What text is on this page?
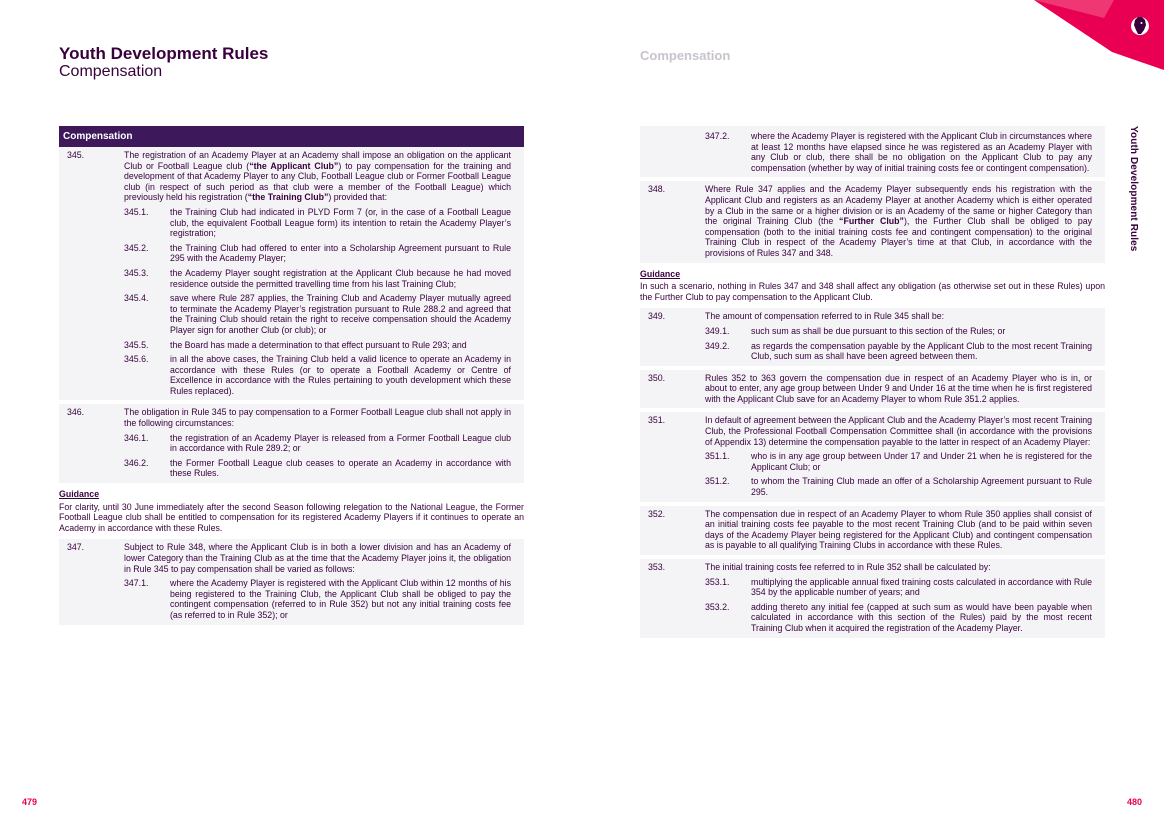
Youth Development Rules
Compensation
Compensation
Youth Development Rules
Compensation
345.	The registration of an Academy Player at an Academy shall impose an obligation on the applicant Club or Football League club (“the Applicant Club”) to pay compensation for the training and development of that Academy Player to any Club, Football League club or Former Football League club (in respect of such period as that club were a member of the Football League) which previously held his registration (“the Training Club”) provided that:
345.1.	the Training Club had indicated in PLYD Form 7 (or, in the case of a Football League club, the equivalent Football League form) its intention to retain the Academy Player’s registration;
345.2.	the Training Club had offered to enter into a Scholarship Agreement pursuant to Rule 295 with the Academy Player;
345.3.	the Academy Player sought registration at the Applicant Club because he had moved residence outside the permitted travelling time from his last Training Club;
345.4.	save where Rule 287 applies, the Training Club and Academy Player mutually agreed to terminate the Academy Player’s registration pursuant to Rule 288.2 and agreed that the Training Club should retain the right to receive compensation should the Academy Player sign for another Club (or club); or
345.5.	the Board has made a determination to that effect pursuant to Rule 293; and
345.6.	in all the above cases, the Training Club held a valid licence to operate an Academy in accordance with these Rules (or to operate a Football Academy or Centre of Excellence in accordance with the Rules pertaining to youth development which these Rules replaced).
346.	The obligation in Rule 345 to pay compensation to a Former Football League club shall not apply in the following circumstances:
346.1.	the registration of an Academy Player is released from a Former Football League club in accordance with Rule 289.2; or
346.2.	the Former Football League club ceases to operate an Academy in accordance with these Rules.
Guidance
For clarity, until 30 June immediately after the second Season following relegation to the National League, the Former Football League club shall be entitled to compensation for its registered Academy Players if it continues to operate an Academy in accordance with these Rules.
347.	Subject to Rule 348, where the Applicant Club is in both a lower division and has an Academy of lower Category than the Training Club as at the time that the Academy Player joins it, the obligation in Rule 345 to pay compensation shall be varied as follows:
347.1.	where the Academy Player is registered with the Applicant Club within 12 months of his being registered to the Training Club, the Applicant Club shall be obliged to pay the contingent compensation (referred to in Rule 352) but not any initial training costs fee (as referred to in Rule 352); or
347.2.	where the Academy Player is registered with the Applicant Club in circumstances where at least 12 months have elapsed since he was registered as an Academy Player with any Club or club, there shall be no obligation on the Applicant Club to pay any compensation (whether by way of initial training costs fee or contingent compensation).
348.	Where Rule 347 applies and the Academy Player subsequently ends his registration with the Applicant Club and registers as an Academy Player at another Academy which is either operated by a Club in the same or a higher division or is an Academy of the same or higher Category than the original Training Club (the “Further Club”), the Further Club shall be obliged to pay compensation (both to the initial training costs fee and contingent compensation) to the original Training Club in respect of the Academy Player’s time at that Club, in accordance with the provisions of Rules 347 and 348.
Guidance
In such a scenario, nothing in Rules 347 and 348 shall affect any obligation (as otherwise set out in these Rules) upon the Further Club to pay compensation to the Applicant Club.
349.	The amount of compensation referred to in Rule 345 shall be:
349.1.	such sum as shall be due pursuant to this section of the Rules; or
349.2.	as regards the compensation payable by the Applicant Club to the most recent Training Club, such sum as shall have been agreed between them.
350.	Rules 352 to 363 govern the compensation due in respect of an Academy Player who is in, or about to enter, any age group between Under 9 and Under 16 at the time when he is first registered with the Applicant Club save for an Academy Player to whom Rule 351.2 applies.
351.	In default of agreement between the Applicant Club and the Academy Player’s most recent Training Club, the Professional Football Compensation Committee shall (in accordance with the provisions of Appendix 13) determine the compensation payable to the latter in respect of an Academy Player:
351.1.	who is in any age group between Under 17 and Under 21 when he is registered for the Applicant Club; or
351.2.	to whom the Training Club made an offer of a Scholarship Agreement pursuant to Rule 295.
352.	The compensation due in respect of an Academy Player to whom Rule 350 applies shall consist of an initial training costs fee payable to the most recent Training Club (and to be paid within seven days of the Academy Player being registered for the Applicant Club) and contingent compensation as is payable to all qualifying Training Clubs in accordance with these Rules.
353.	The initial training costs fee referred to in Rule 352 shall be calculated by:
353.1.	multiplying the applicable annual fixed training costs calculated in accordance with Rule 354 by the applicable number of years; and
353.2.	adding thereto any initial fee (capped at such sum as would have been payable when calculated in accordance with this section of the Rules) paid by the most recent Training Club when it acquired the registration of the Academy Player.
479	480
